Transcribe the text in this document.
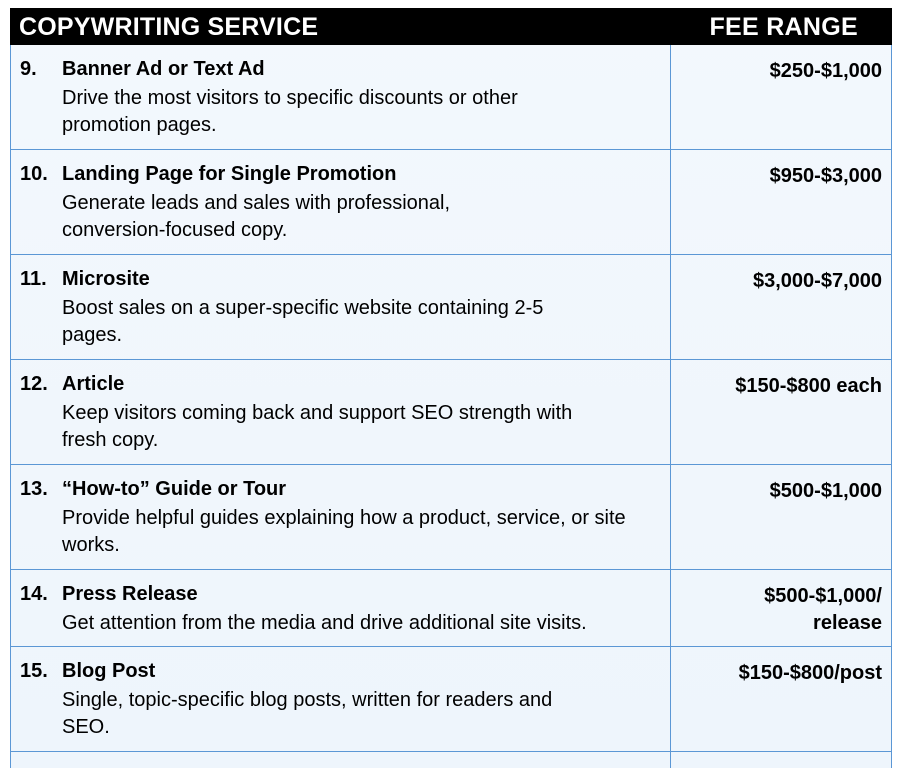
COPYWRITING SERVICE	FEE RANGE
9. Banner Ad or Text Ad
Drive the most visitors to specific discounts or other promotion pages.
$250-$1,000
10. Landing Page for Single Promotion
Generate leads and sales with professional, conversion-focused copy.
$950-$3,000
11. Microsite
Boost sales on a super-specific website containing 2-5 pages.
$3,000-$7,000
12. Article
Keep visitors coming back and support SEO strength with fresh copy.
$150-$800 each
13. “How-to” Guide or Tour
Provide helpful guides explaining how a product, service, or site works.
$500-$1,000
14. Press Release
Get attention from the media and drive additional site visits.
$500-$1,000/ release
15. Blog Post
Single, topic-specific blog posts, written for readers and SEO.
$150-$800/post
